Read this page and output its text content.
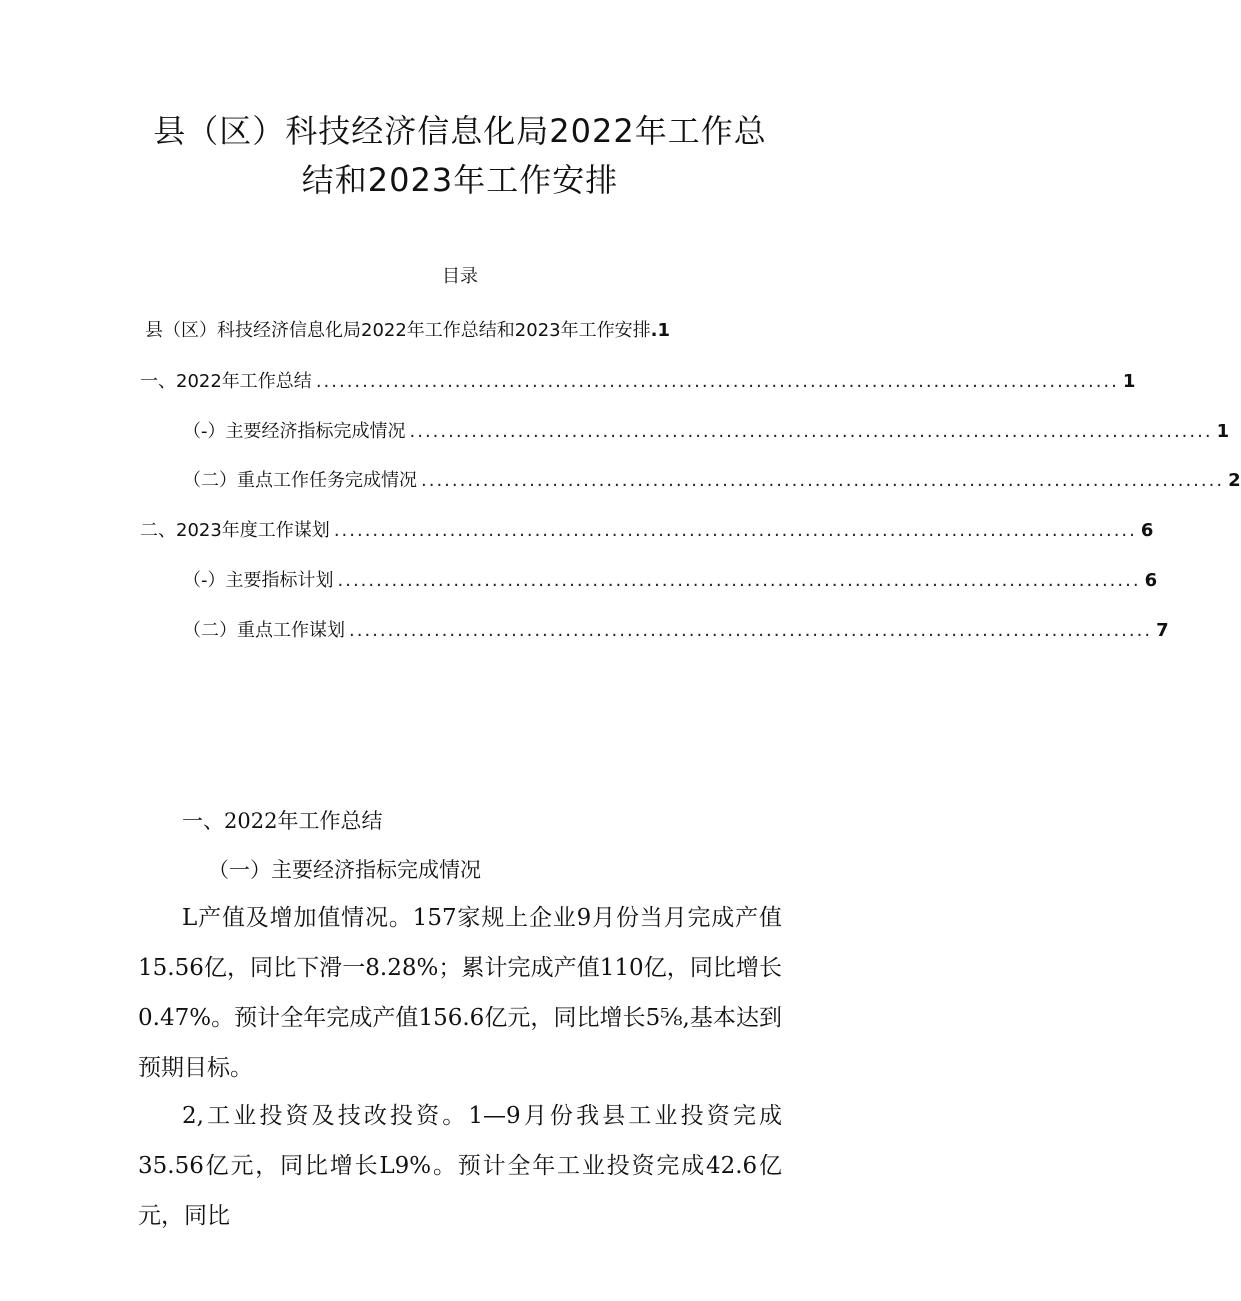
县（区）科技经济信息化局2022年工作总
结和2023年工作安排
目录
县（区）科技经济信息化局2022年工作总结和2023年工作安排 .1
一、2022年工作总结 ........................................................................................................ 1
（-）主要经济指标完成情况 ........................................................................................................ 1
（二）重点工作任务完成情况 ........................................................................................................ 2
二、2023年度工作谋划 ........................................................................................................ 6
（-）主要指标计划 ........................................................................................................ 6
（二）重点工作谋划 ........................................................................................................ 7
一、2022年工作总结
（一）主要经济指标完成情况

L产值及增加值情况。157家规上企业9月份当月完成产值15.56亿，同比下滑一8.28%；累计完成产值110亿，同比增长0.47%。预计全年完成产值156.6亿元，同比增长5⅝,基本达到预期目标。

2,工业投资及技改投资。1—9月份我县工业投资完成35.56亿元，同比增长L9%。预计全年工业投资完成42.6亿元，同比
